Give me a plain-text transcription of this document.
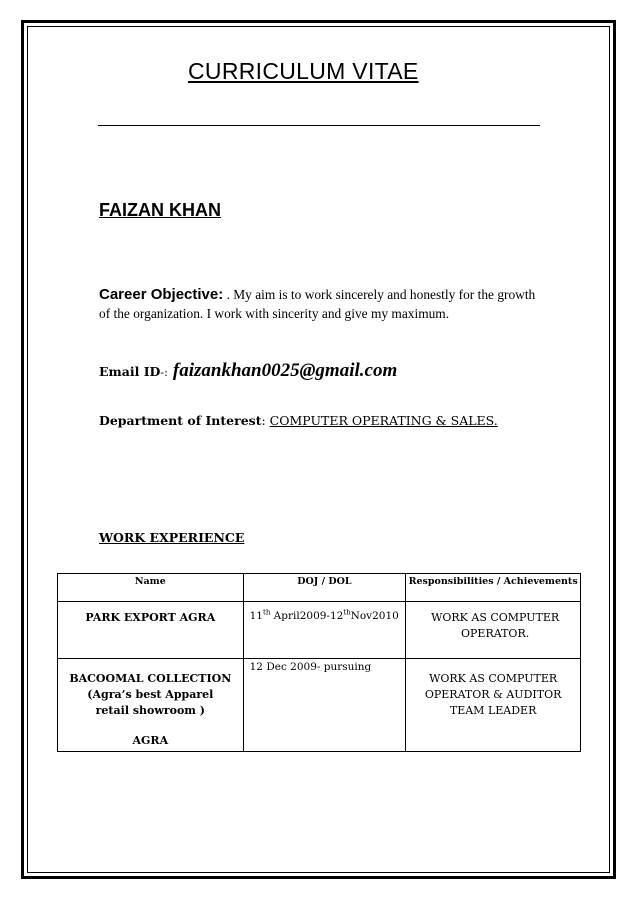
CURRICULUM VITAE
FAIZAN KHAN
Career Objective: . My aim is to work sincerely and honestly for the growth of the organization. I work with sincerity and give my maximum.
Email ID-: faizankhan0025@gmail.com
Department of Interest: COMPUTER OPERATING & SALES.
WORK EXPERIENCE
Name	DOJ / DOL	Responsibilities / Achievements
PARK EXPORT AGRA	11th April2009-12thNov2010	WORK AS COMPUTER OPERATOR.

BACOOMAL COLLECTION
(Agra’s best Apparel retail showroom )
AGRA	12 Dec 2009- pursuing	WORK AS COMPUTER OPERATOR & AUDITOR TEAM LEADER
